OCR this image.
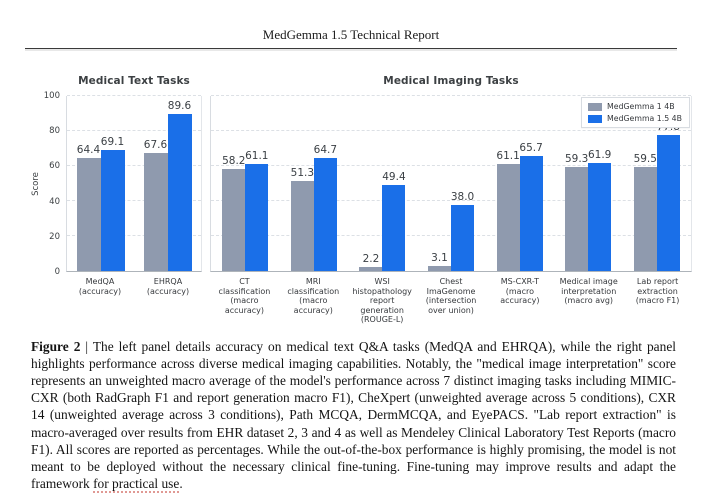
MedGemma 1.5 Technical Report
Medical Text Tasks
Score
0
20
40
60
80
100
64.4
69.1 67.6
89.6
MedQA
(accuracy)
EHRQA
(accuracy)
Medical Imaging Tasks
58.2 61.1
51.3
64.7
2.2
49.4
3.1
38.0
61.1
65.7
59.3 61.9 59.5
MedGemma 1 4B
MedGemma 1.5 4B
CT
classification
(macro
accuracy)
MRI
classification
(macro
accuracy)
WSI histopathology
report
generation
(ROUGE-L)
Chest
ImaGenome
(intersection
over union)
MS-CXR-T
(macro
accuracy)
Medical image
interpretation
(macro avg)
Lab report
extraction
(macro F1)

Figure 2 | The left panel details accuracy on medical text Q&A tasks (MedQA and EHRQA), while the right panel highlights performance across diverse medical imaging capabilities. Notably, the "medical image interpretation" score represents an unweighted macro average of the model's performance across 7 distinct imaging tasks including MIMIC-CXR (both RadGraph F1 and report generation macro F1), CheXpert (unweighted average across 5 conditions), CXR 14 (unweighted average across 3 conditions), Path MCQA, DermMCQA, and EyePACS. "Lab report extraction" is macro-averaged over results from EHR dataset 2, 3 and 4 as well as Mendeley Clinical Laboratory Test Reports (macro F1). All scores are reported as percentages. While the out-of-the-box performance is highly promising, the model is not meant to be deployed without the necessary clinical fine-tuning. Fine-tuning may improve results and adapt the framework for practical use.
